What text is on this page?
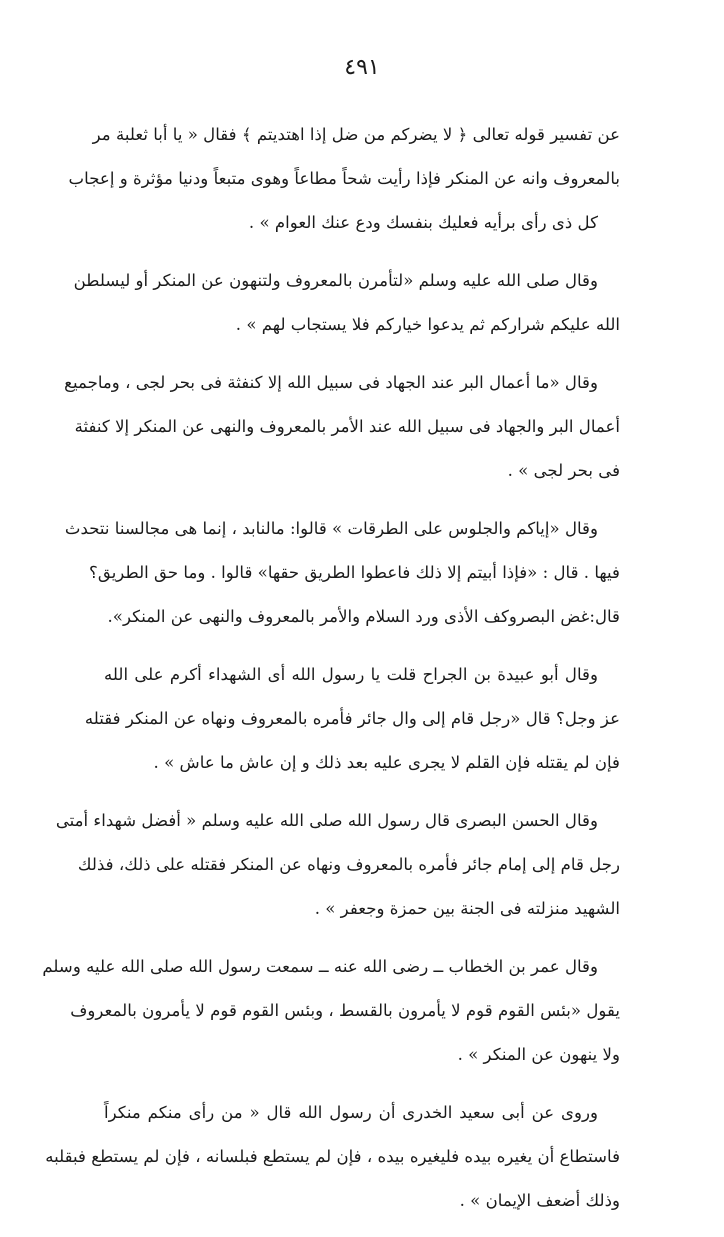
٤٩١
عن تفسير قوله تعالى ﴿ لا يضركم من ضل إذا اهتديتم ﴾ فقال « يا أبا ثعلبة مر
بالمعروف وانه عن المنكر فإذا رأيت شحاً مطاعاً وهوى متبعاً ودنيا مؤثرة و إعجاب
كل ذى رأى برأيه فعليك بنفسك ودع عنك العوام » .
وقال صلى الله عليه وسلم «لتأمرن بالمعروف ولتنهون عن المنكر أو ليسلطن
الله عليكم شراركم ثم يدعوا خياركم فلا يستجاب لهم » .
وقال «ما أعمال البر عند الجهاد فى سبيل الله إلا كنفثة فى بحر لجى ، وماجميع
أعمال البر والجهاد فى سبيل الله عند الأمر بالمعروف والنهى عن المنكر إلا كنفثة
فى بحر لجى » .
وقال «إياكم والجلوس على الطرقات » قالوا: مالنابد ، إنما هى مجالسنا نتحدث
فيها . قال : «فإذا أبيتم إلا ذلك فاعطوا الطريق حقها» قالوا . وما حق الطريق؟
قال:غض البصروكف الأذى ورد السلام والأمر بالمعروف والنهى عن المنكر».
وقال أبو عبيدة بن الجراح قلت يا رسول الله أى الشهداء أكرم على الله
عز وجل؟ قال «رجل قام إلى وال جائر فأمره بالمعروف ونهاه عن المنكر فقتله
فإن لم يقتله فإن القلم لا يجرى عليه بعد ذلك و إن عاش ما عاش » .
وقال الحسن البصرى قال رسول الله صلى الله عليه وسلم « أفضل شهداء أمتى
رجل قام إلى إمام جائر فأمره بالمعروف ونهاه عن المنكر فقتله على ذلك، فذلك
الشهيد منزلته فى الجنة بين حمزة وجعفر » .
وقال عمر بن الخطاب ــ رضى الله عنه ــ سمعت رسول الله صلى الله عليه وسلم
يقول «بئس القوم قوم لا يأمرون بالقسط ، وبئس القوم قوم لا يأمرون بالمعروف
ولا ينهون عن المنكر » .
وروى عن أبى سعيد الخدرى أن رسول الله قال « من رأى منكم منكراً
فاستطاع أن يغيره بيده فليغيره بيده ، فإن لم يستطع فبلسانه ، فإن لم يستطع فبقلبه
وذلك أضعف الإيمان » .
